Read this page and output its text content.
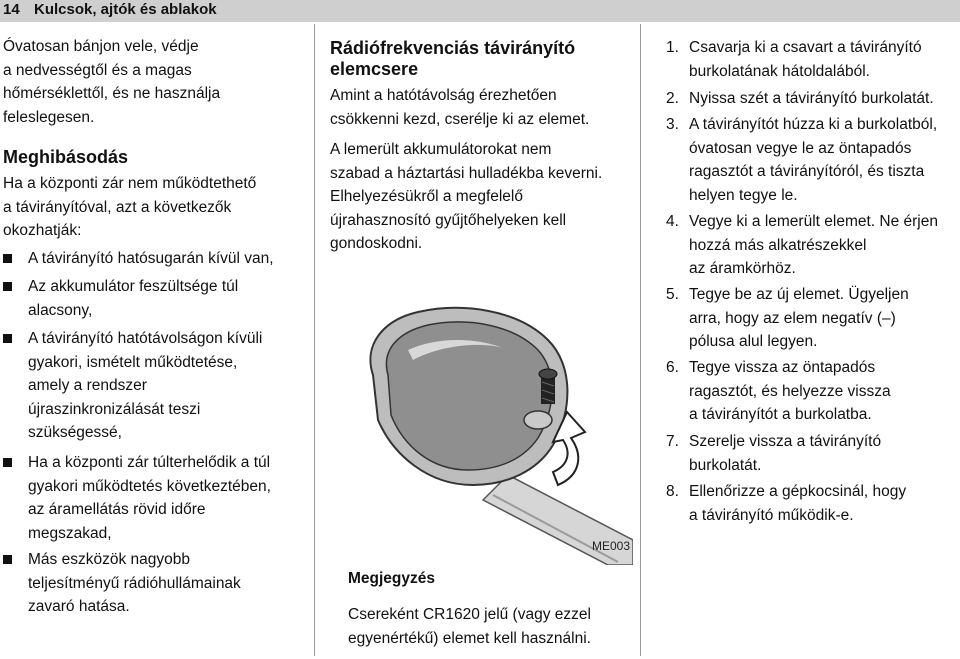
14 Kulcsok, ajtók és ablakok
Óvatosan bánjon vele, védje
a nedvességtől és a magas
hőmérséklettől, és ne használja
feleslegesen.
Meghibásodás
Ha a központi zár nem működtethető
a távirányítóval, azt a következők
okozhatják:
A távirányító hatósugarán kívül van,
Az akkumulátor feszültsége túl
alacsony,
A távirányító hatótávolságon kívüli
gyakori, ismételt működtetése,
amely a rendszer
újraszinkronizálását teszi
szükségessé,
Ha a központi zár túlterhelődik a túl
gyakori működtetés következtében,
az áramellátás rövid időre
megszakad,
Más eszközök nagyobb
teljesítményű rádióhullámainak
zavaró hatása.
Rádiófrekvenciás távirányító
elemcsere
Amint a hatótávolság érezhetően
csökkenni kezd, cserélje ki az elemet.
A lemerült akkumulátorokat nem
szabad a háztartási hulladékba keverni.
Elhelyezésükről a megfelelő
újrahasznosító gyűjtőhelyeken kell
gondoskodni.
ME003
Megjegyzés
Csereként CR1620 jelű (vagy ezzel
egyenértékű) elemet kell használni.
1. Csavarja ki a csavart a távirányító
burkolatának hátoldalából.
2. Nyissa szét a távirányító burkolatát.
3. A távirányítót húzza ki a burkolatból,
óvatosan vegye le az öntapadós
ragasztót a távirányítóról, és tiszta
helyen tegye le.
4. Vegye ki a lemerült elemet. Ne érjen
hozzá más alkatrészekkel
az áramkörhöz.
5. Tegye be az új elemet. Ügyeljen
arra, hogy az elem negatív (–)
pólusa alul legyen.
6. Tegye vissza az öntapadós
ragasztót, és helyezze vissza
a távirányítót a burkolatba.
7. Szerelje vissza a távirányító
burkolatát.
8. Ellenőrizze a gépkocsinál, hogy
a távirányító működik-e.
